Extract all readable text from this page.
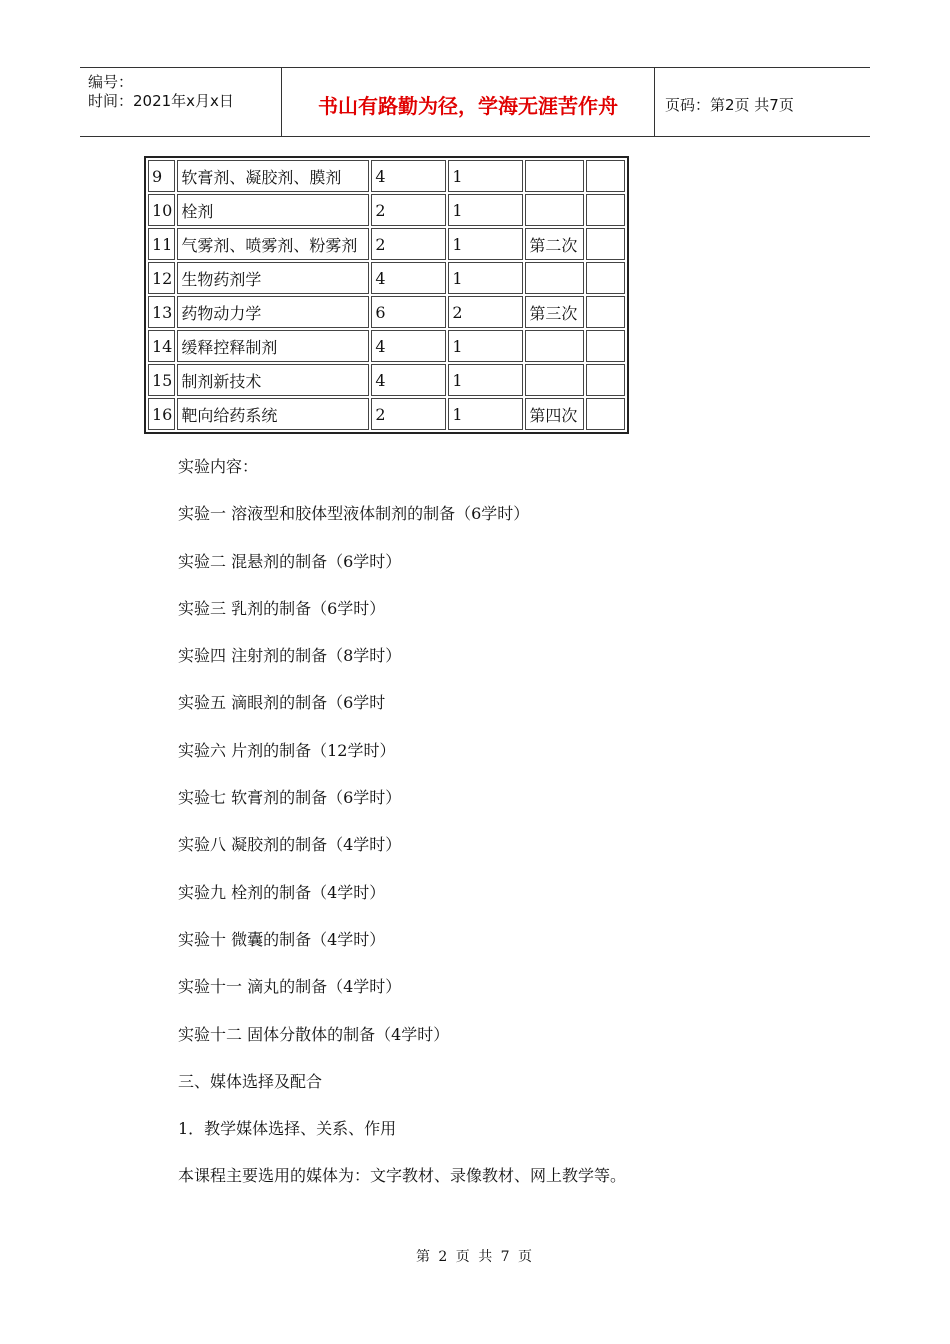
编号：
时间：2021年x月x日	书山有路勤为径，学海无涯苦作舟	页码：第2页 共7页
9	软膏剂、凝胶剂、膜剂	4	1		
10	栓剂	2	1		
11	气雾剂、喷雾剂、粉雾剂	2	1	第二次	
12	生物药剂学	4	1		
13	药物动力学	6	2	第三次	
14	缓释控释制剂	4	1		
15	制剂新技术	4	1		
16	靶向给药系统	2	1	第四次	

实验内容：

实验一 溶液型和胶体型液体制剂的制备（6学时）

实验二 混悬剂的制备（6学时）

实验三 乳剂的制备（6学时）

实验四 注射剂的制备（8学时）

实验五 滴眼剂的制备（6学时

实验六 片剂的制备（12学时）

实验七 软膏剂的制备（6学时）

实验八 凝胶剂的制备（4学时）

实验九 栓剂的制备（4学时）

实验十 微囊的制备（4学时）

实验十一 滴丸的制备（4学时）

实验十二 固体分散体的制备（4学时）

三、媒体选择及配合

1．教学媒体选择、关系、作用

本课程主要选用的媒体为：文字教材、录像教材、网上教学等。

第 2 页 共 7 页
